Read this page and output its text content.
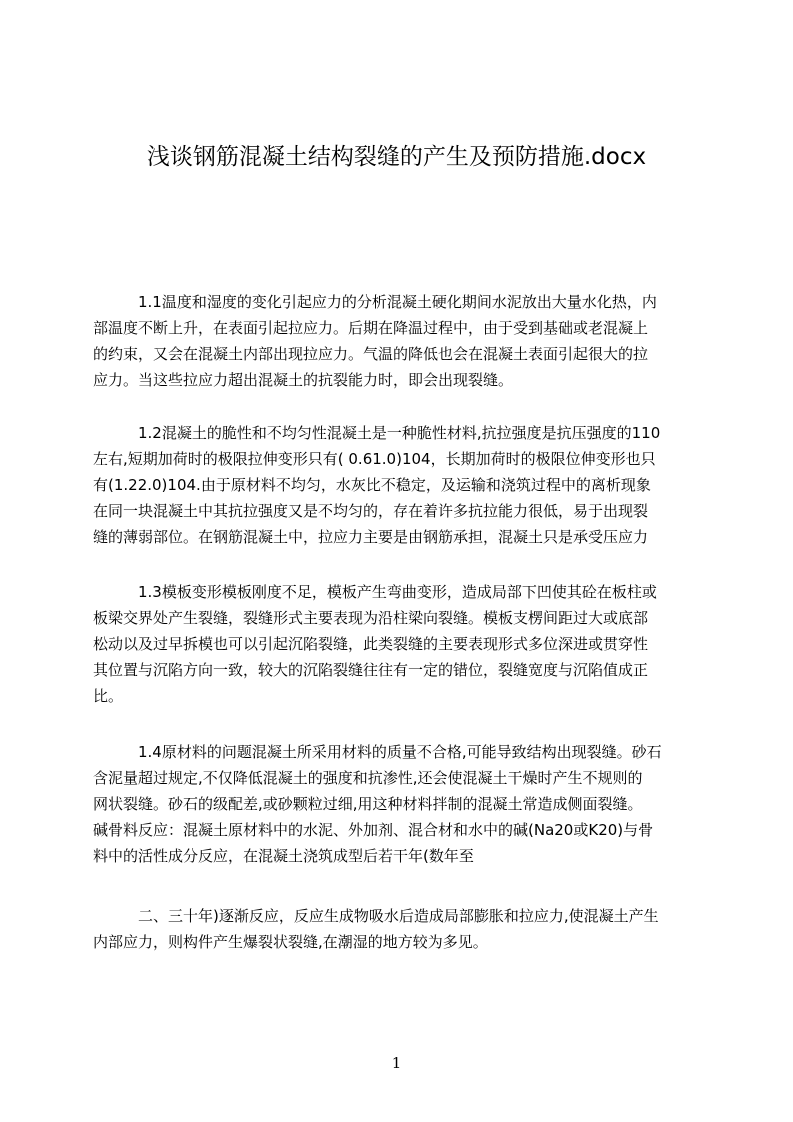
浅谈钢筋混凝土结构裂缝的产生及预防措施.docx
1.1温度和湿度的变化引起应力的分析混凝土硬化期间水泥放出大量水化热，内
部温度不断上升，在表面引起拉应力。后期在降温过程中，由于受到基础或老混凝上
的约束，又会在混凝土内部出现拉应力。气温的降低也会在混凝土表面引起很大的拉
应力。当这些拉应力超出混凝土的抗裂能力时，即会出现裂缝。
1.2混凝土的脆性和不均匀性混凝土是一种脆性材料,抗拉强度是抗压强度的110
左右,短期加荷时的极限拉伸变形只有( 0.61.0)104，长期加荷时的极限位伸变形也只
有(1.22.0)104.由于原材料不均匀，水灰比不稳定，及运输和浇筑过程中的离析现象
在同一块混凝土中其抗拉强度又是不均匀的，存在着许多抗拉能力很低，易于出现裂
缝的薄弱部位。在钢筋混凝土中，拉应力主要是由钢筋承担，混凝土只是承受压应力
1.3模板变形模板刚度不足，模板产生弯曲变形，造成局部下凹使其砼在板柱或
板梁交界处产生裂缝，裂缝形式主要表现为沿柱梁向裂缝。模板支楞间距过大或底部
松动以及过早拆模也可以引起沉陷裂缝，此类裂缝的主要表现形式多位深进或贯穿性
其位置与沉陷方向一致，较大的沉陷裂缝往往有一定的错位，裂缝宽度与沉陷值成正
比。
1.4原材料的问题混凝土所采用材料的质量不合格,可能导致结构出现裂缝。砂石
含泥量超过规定,不仅降低混凝土的强度和抗渗性,还会使混凝土干燥时产生不规则的
网状裂缝。砂石的级配差,或砂颗粒过细,用这种材料拌制的混凝土常造成侧面裂缝。
碱骨料反应：混凝土原材料中的水泥、外加剂、混合材和水中的碱(Na20或K20)与骨
料中的活性成分反应，在混凝土浇筑成型后若干年(数年至
二、三十年)逐渐反应，反应生成物吸水后造成局部膨胀和拉应力,使混凝土产生
内部应力，则构件产生爆裂状裂缝,在潮湿的地方较为多见。
1
